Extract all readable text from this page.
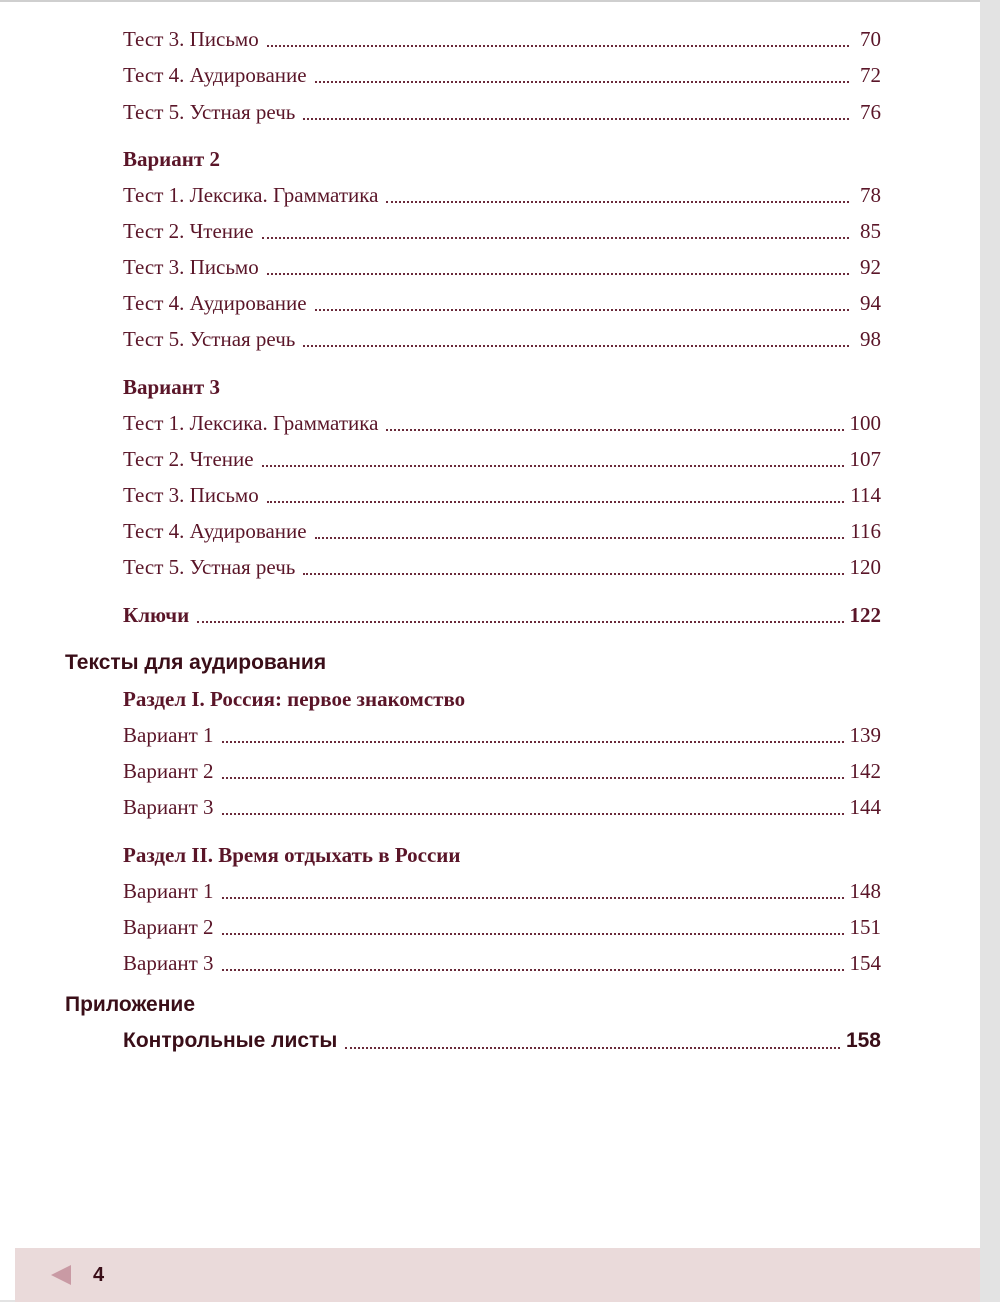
Тест 3. Письмо	70
Тест 4. Аудирование	72
Тест 5. Устная речь	76
Вариант 2
Тест 1. Лексика. Грамматика	78
Тест 2. Чтение	85
Тест 3. Письмо	92
Тест 4. Аудирование	94
Тест 5. Устная речь	98
Вариант 3
Тест 1. Лексика. Грамматика	100
Тест 2. Чтение	107
Тест 3. Письмо	114
Тест 4. Аудирование	116
Тест 5. Устная речь	120
Ключи	122
Тексты для аудирования
Раздел I. Россия: первое знакомство
Вариант 1	139
Вариант 2	142
Вариант 3	144
Раздел II. Время отдыхать в России
Вариант 1	148
Вариант 2	151
Вариант 3	154
Приложение
Контрольные листы	158
4
